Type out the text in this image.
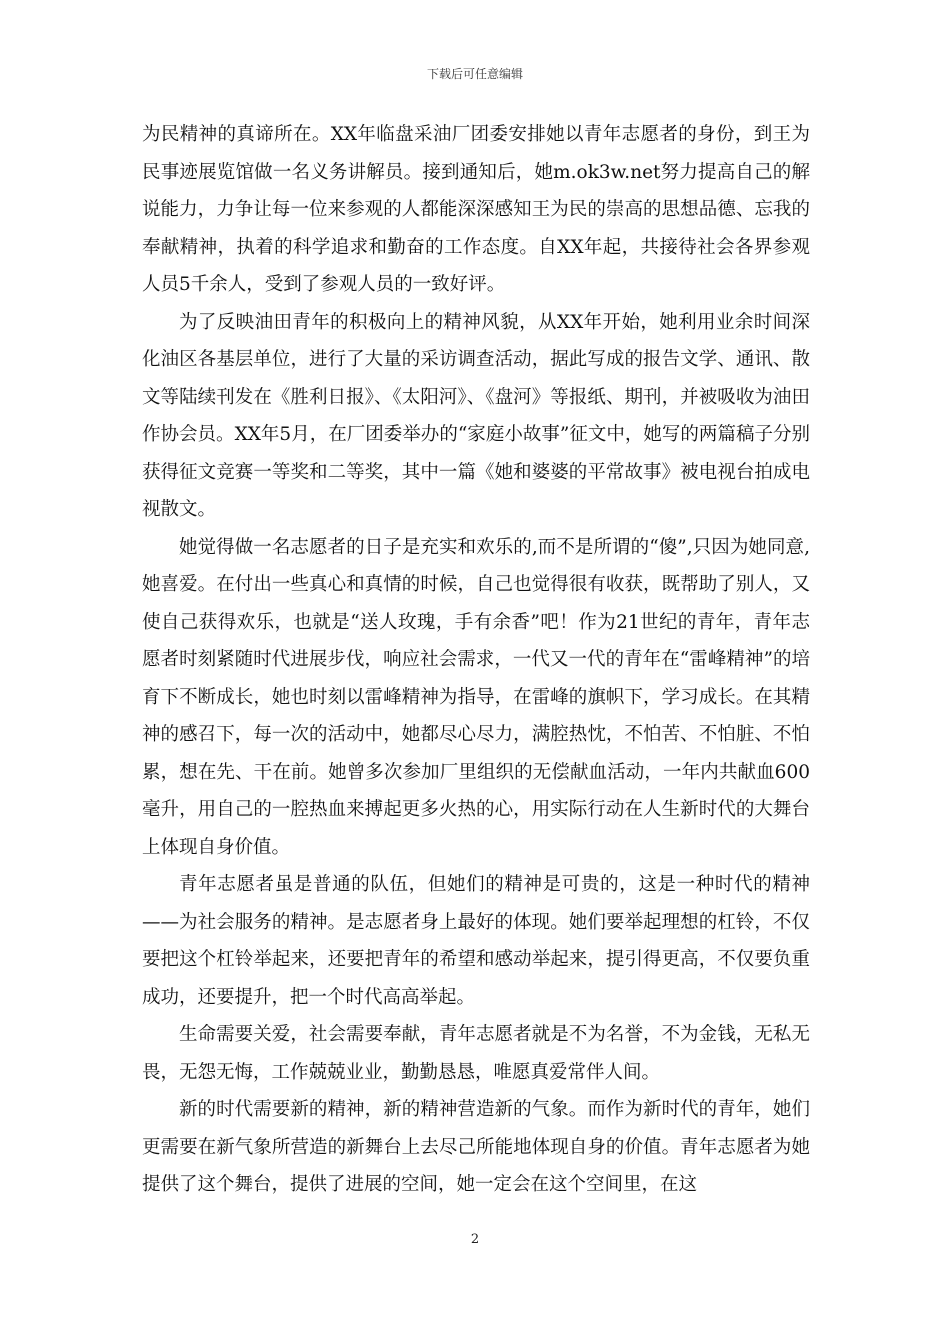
下载后可任意编辑

为民精神的真谛所在。XX年临盘采油厂团委安排她以青年志愿者的身份，到王为民事迹展览馆做一名义务讲解员。接到通知后，她m.ok3w.net努力提高自己的解说能力，力争让每一位来参观的人都能深深感知王为民的崇高的思想品德、忘我的奉献精神，执着的科学追求和勤奋的工作态度。自XX年起，共接待社会各界参观人员5千余人，受到了参观人员的一致好评。

为了反映油田青年的积极向上的精神风貌，从XX年开始，她利用业余时间深化油区各基层单位，进行了大量的采访调查活动，据此写成的报告文学、通讯、散文等陆续刊发在《胜利日报》、《太阳河》、《盘河》等报纸、期刊，并被吸收为油田作协会员。XX年5月，在厂团委举办的“家庭小故事”征文中，她写的两篇稿子分别获得征文竞赛一等奖和二等奖，其中一篇《她和婆婆的平常故事》被电视台拍成电视散文。

她觉得做一名志愿者的日子是充实和欢乐的,而不是所谓的“傻”,只因为她同意,她喜爱。在付出一些真心和真情的时候，自己也觉得很有收获，既帮助了别人，又使自己获得欢乐，也就是“送人玫瑰，手有余香”吧！作为21世纪的青年，青年志愿者时刻紧随时代进展步伐，响应社会需求，一代又一代的青年在“雷峰精神”的培育下不断成长，她也时刻以雷峰精神为指导，在雷峰的旗帜下，学习成长。在其精神的感召下，每一次的活动中，她都尽心尽力，满腔热忱，不怕苦、不怕脏、不怕累，想在先、干在前。她曾多次参加厂里组织的无偿献血活动，一年内共献血600毫升，用自己的一腔热血来搏起更多火热的心，用实际行动在人生新时代的大舞台上体现自身价值。

青年志愿者虽是普通的队伍，但她们的精神是可贵的，这是一种时代的精神——为社会服务的精神。是志愿者身上最好的体现。她们要举起理想的杠铃，不仅要把这个杠铃举起来，还要把青年的希望和感动举起来，提引得更高，不仅要负重成功，还要提升，把一个时代高高举起。

生命需要关爱，社会需要奉献，青年志愿者就是不为名誉，不为金钱，无私无畏，无怨无悔，工作兢兢业业，勤勤恳恳，唯愿真爱常伴人间。

新的时代需要新的精神，新的精神营造新的气象。而作为新时代的青年，她们更需要在新气象所营造的新舞台上去尽己所能地体现自身的价值。青年志愿者为她提供了这个舞台，提供了进展的空间，她一定会在这个空间里，在这

2
